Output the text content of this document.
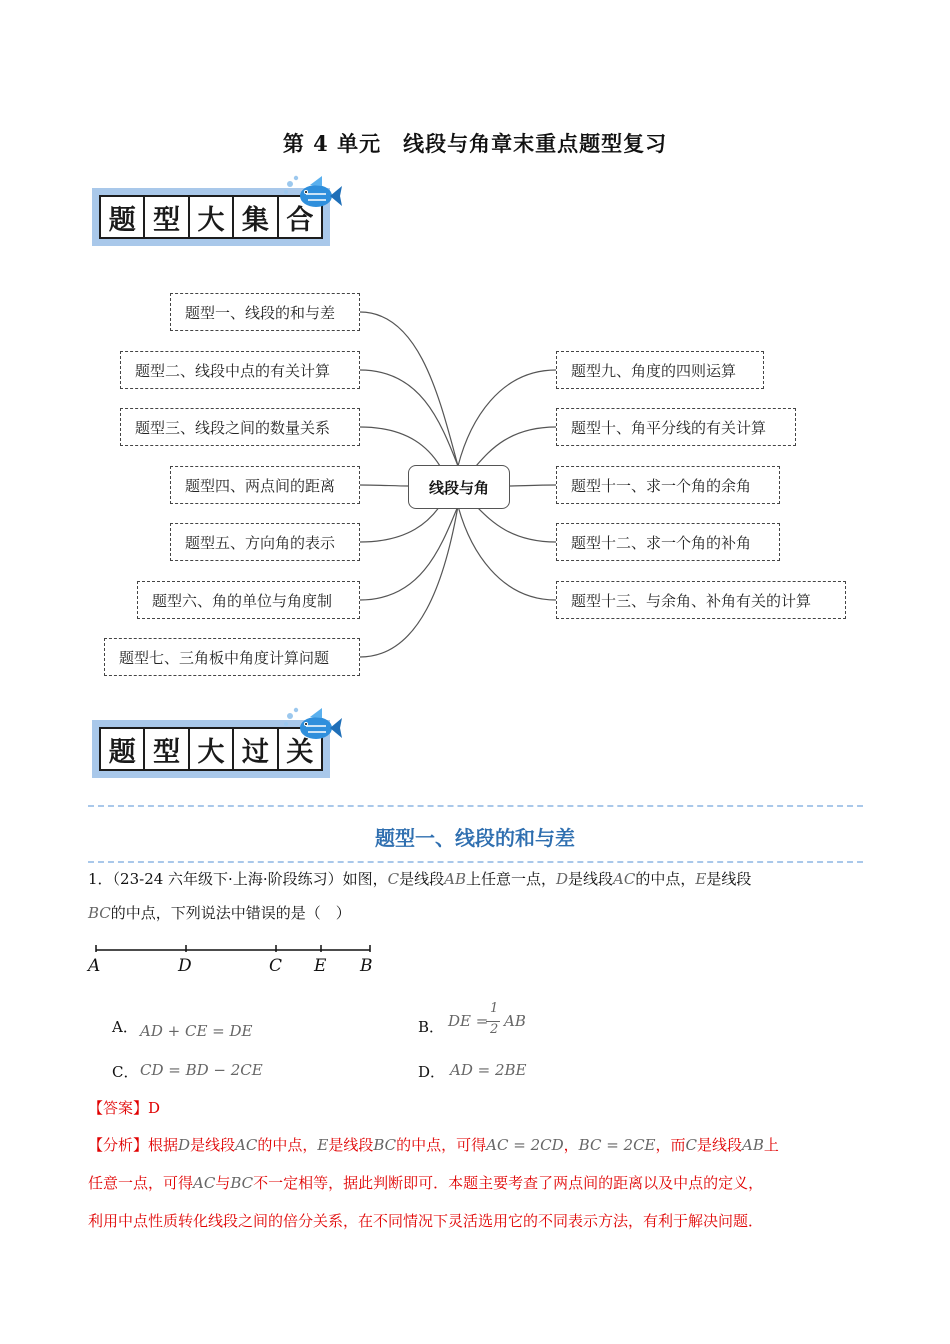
第 4 单元　线段与角章末重点题型复习
题 型 大 集 合
题型一、线段的和与差
题型二、线段中点的有关计算
题型三、线段之间的数量关系
题型四、两点间的距离
题型五、方向角的表示
题型六、角的单位与角度制
题型七、三角板中角度计算问题
线段与角
题型九、角度的四则运算
题型十、角平分线的有关计算
题型十一、求一个角的余角
题型十二、求一个角的补角
题型十三、与余角、补角有关的计算
题 型 大 过 关
题型一、线段的和与差
1．（23-24 六年级下·上海·阶段练习）如图，C是线段AB上任意一点，D是线段AC的中点，E是线段
BC的中点，下列说法中错误的是（　）
A	D	C E B
A． AD + CE = DE	B． DE =
1
2 AB
C． CD = BD − 2CE	D． AD = 2BE
【答案】D
【分析】根据D是线段AC的中点，E是线段BC的中点，可得AC = 2CD，BC = 2CE，而C是线段AB上
任意一点，可得AC与BC不一定相等，据此判断即可．本题主要考查了两点间的距离以及中点的定义，
利用中点性质转化线段之间的倍分关系，在不同情况下灵活选用它的不同表示方法，有利于解决问题．
